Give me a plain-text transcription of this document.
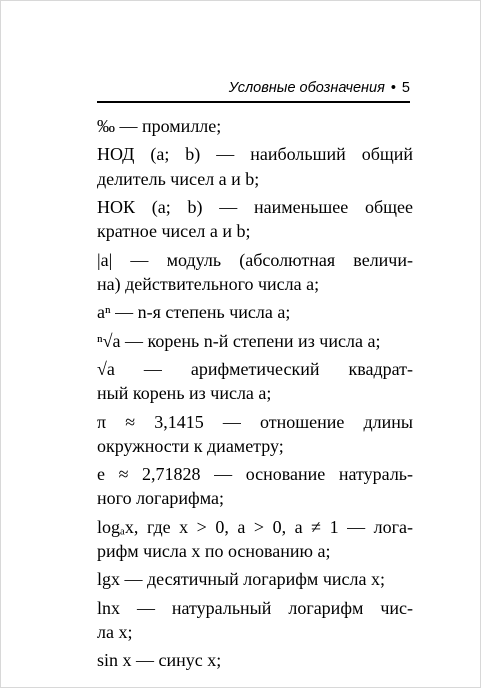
Условные обозначения • 5
‰ — промилле;
НОД (a; b) — наибольший общий
делитель чисел a и b;
НОК (a; b) — наименьшее общее
кратное чисел a и b;
|a| — модуль (абсолютная величи-
на) действительного числа a;
aⁿ — n-я степень числа a;
ⁿ√a — корень n-й степени из числа a;
√a — арифметический квадрат-
ный корень из числа a;
π ≈ 3,1415 — отношение длины
окружности к диаметру;
e ≈ 2,71828 — основание натураль-
ного логарифма;
logₐx, где x > 0, a > 0, a ≠ 1 — лога-
рифм числа x по основанию a;
lgx — десятичный логарифм числа x;
lnx — натуральный логарифм чис-
ла x;
sin x — синус x;
